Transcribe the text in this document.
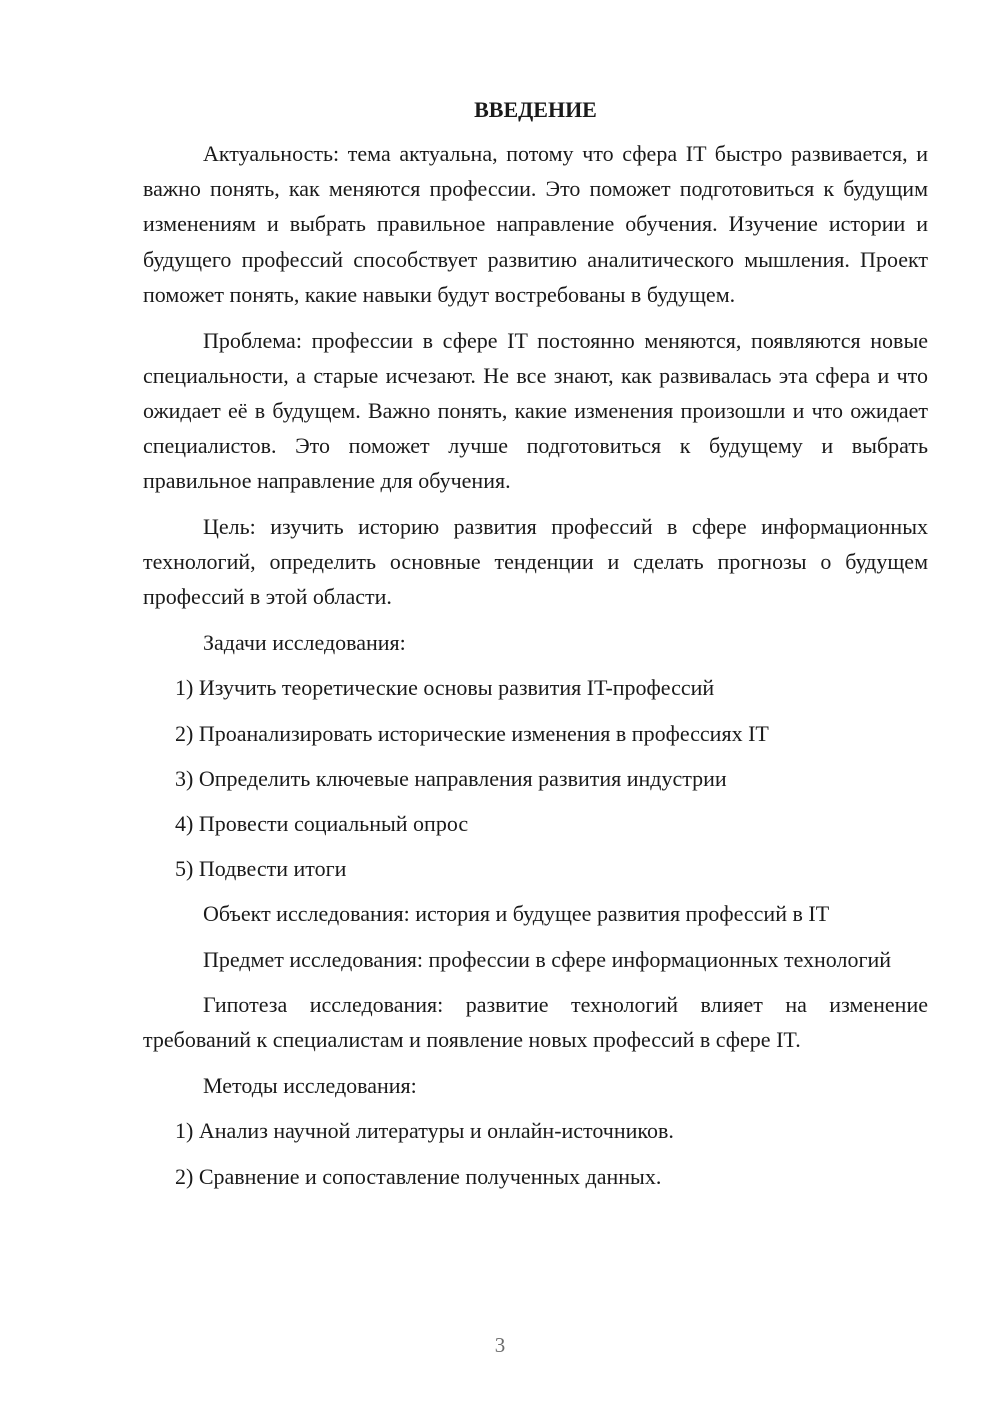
ВВЕДЕНИЕ

Актуальность: тема актуальна, потому что сфера IT быстро развивается, и важно понять, как меняются профессии. Это поможет подготовиться к будущим изменениям и выбрать правильное направление обучения. Изучение истории и будущего профессий способствует развитию аналитического мышления. Проект поможет понять, какие навыки будут востребованы в будущем.

Проблема: профессии в сфере IT постоянно меняются, появляются новые специальности, а старые исчезают. Не все знают, как развивалась эта сфера и что ожидает её в будущем. Важно понять, какие изменения произошли и что ожидает специалистов. Это поможет лучше подготовиться к будущему и выбрать правильное направление для обучения.

Цель: изучить историю развития профессий в сфере информационных технологий, определить основные тенденции и сделать прогнозы о будущем профессий в этой области.

Задачи исследования:
1) Изучить теоретические основы развития IT-профессий
2) Проанализировать исторические изменения в профессиях IT
3) Определить ключевые направления развития индустрии
4) Провести социальный опрос
5) Подвести итоги
Объект исследования: история и будущее развития профессий в IT

Предмет исследования: профессии в сфере информационных технологий

Гипотеза исследования: развитие технологий влияет на изменение требований к специалистам и появление новых профессий в сфере IT.

Методы исследования:
1) Анализ научной литературы и онлайн-источников.
2) Сравнение и сопоставление полученных данных.
3
